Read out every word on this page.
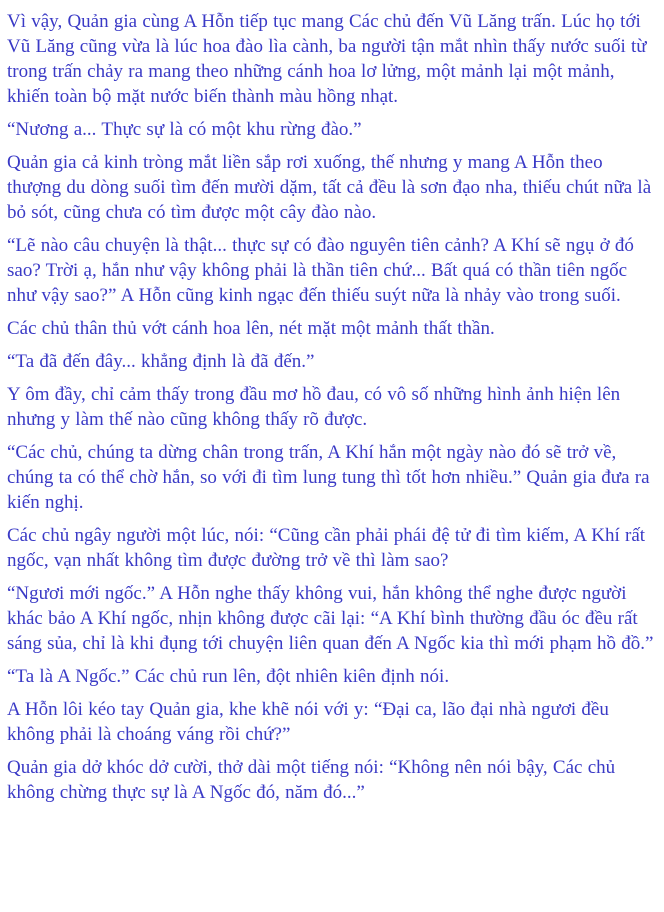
Vì vậy, Quản gia cùng A Hỗn tiếp tục mang Các chủ đến Vũ Lăng trấn. Lúc họ tới Vũ Lăng cũng vừa là lúc hoa đào lìa cành, ba người tận mắt nhìn thấy nước suối từ trong trấn chảy ra mang theo những cánh hoa lơ lửng, một mảnh lại một mảnh, khiến toàn bộ mặt nước biến thành màu hồng nhạt.

“Nương a... Thực sự là có một khu rừng đào.”

Quản gia cả kinh tròng mắt liền sắp rơi xuống, thế nhưng y mang A Hỗn theo thượng du dòng suối tìm đến mười dặm, tất cả đều là sơn đạo nha, thiếu chút nữa là bỏ sót, cũng chưa có tìm được một cây đào nào.

“Lẽ nào câu chuyện là thật... thực sự có đào nguyên tiên cảnh? A Khí sẽ ngụ ở đó sao? Trời ạ, hắn như vậy không phải là thần tiên chứ... Bất quá có thần tiên ngốc như vậy sao?” A Hỗn cũng kinh ngạc đến thiếu suýt nữa là nhảy vào trong suối.

Các chủ thân thủ vớt cánh hoa lên, nét mặt một mảnh thất thần.

“Ta đã đến đây... khẳng định là đã đến.”

Y ôm đầy, chỉ cảm thấy trong đầu mơ hồ đau, có vô số những hình ảnh hiện lên nhưng y làm thế nào cũng không thấy rõ được.

“Các chủ, chúng ta dừng chân trong trấn, A Khí hắn một ngày nào đó sẽ trở về, chúng ta có thể chờ hắn, so với đi tìm lung tung thì tốt hơn nhiều.” Quản gia đưa ra kiến nghị.

Các chủ ngây người một lúc, nói: “Cũng cần phải phái đệ tử đi tìm kiếm, A Khí rất ngốc, vạn nhất không tìm được đường trở về thì làm sao?

“Ngươi mới ngốc.” A Hỗn nghe thấy không vui, hắn không thể nghe được người khác bảo A Khí ngốc, nhịn không được cãi lại: “A Khí bình thường đầu óc đều rất sáng sủa, chỉ là khi đụng tới chuyện liên quan đến A Ngốc kia thì mới phạm hồ đồ.”

“Ta là A Ngốc.” Các chủ run lên, đột nhiên kiên định nói.

A Hỗn lôi kéo tay Quản gia, khe khẽ nói với y: “Đại ca, lão đại nhà ngươi đều không phải là choáng váng rồi chứ?”

Quản gia dở khóc dở cười, thở dài một tiếng nói: “Không nên nói bậy, Các chủ không chừng thực sự là A Ngốc đó, năm đó...”
